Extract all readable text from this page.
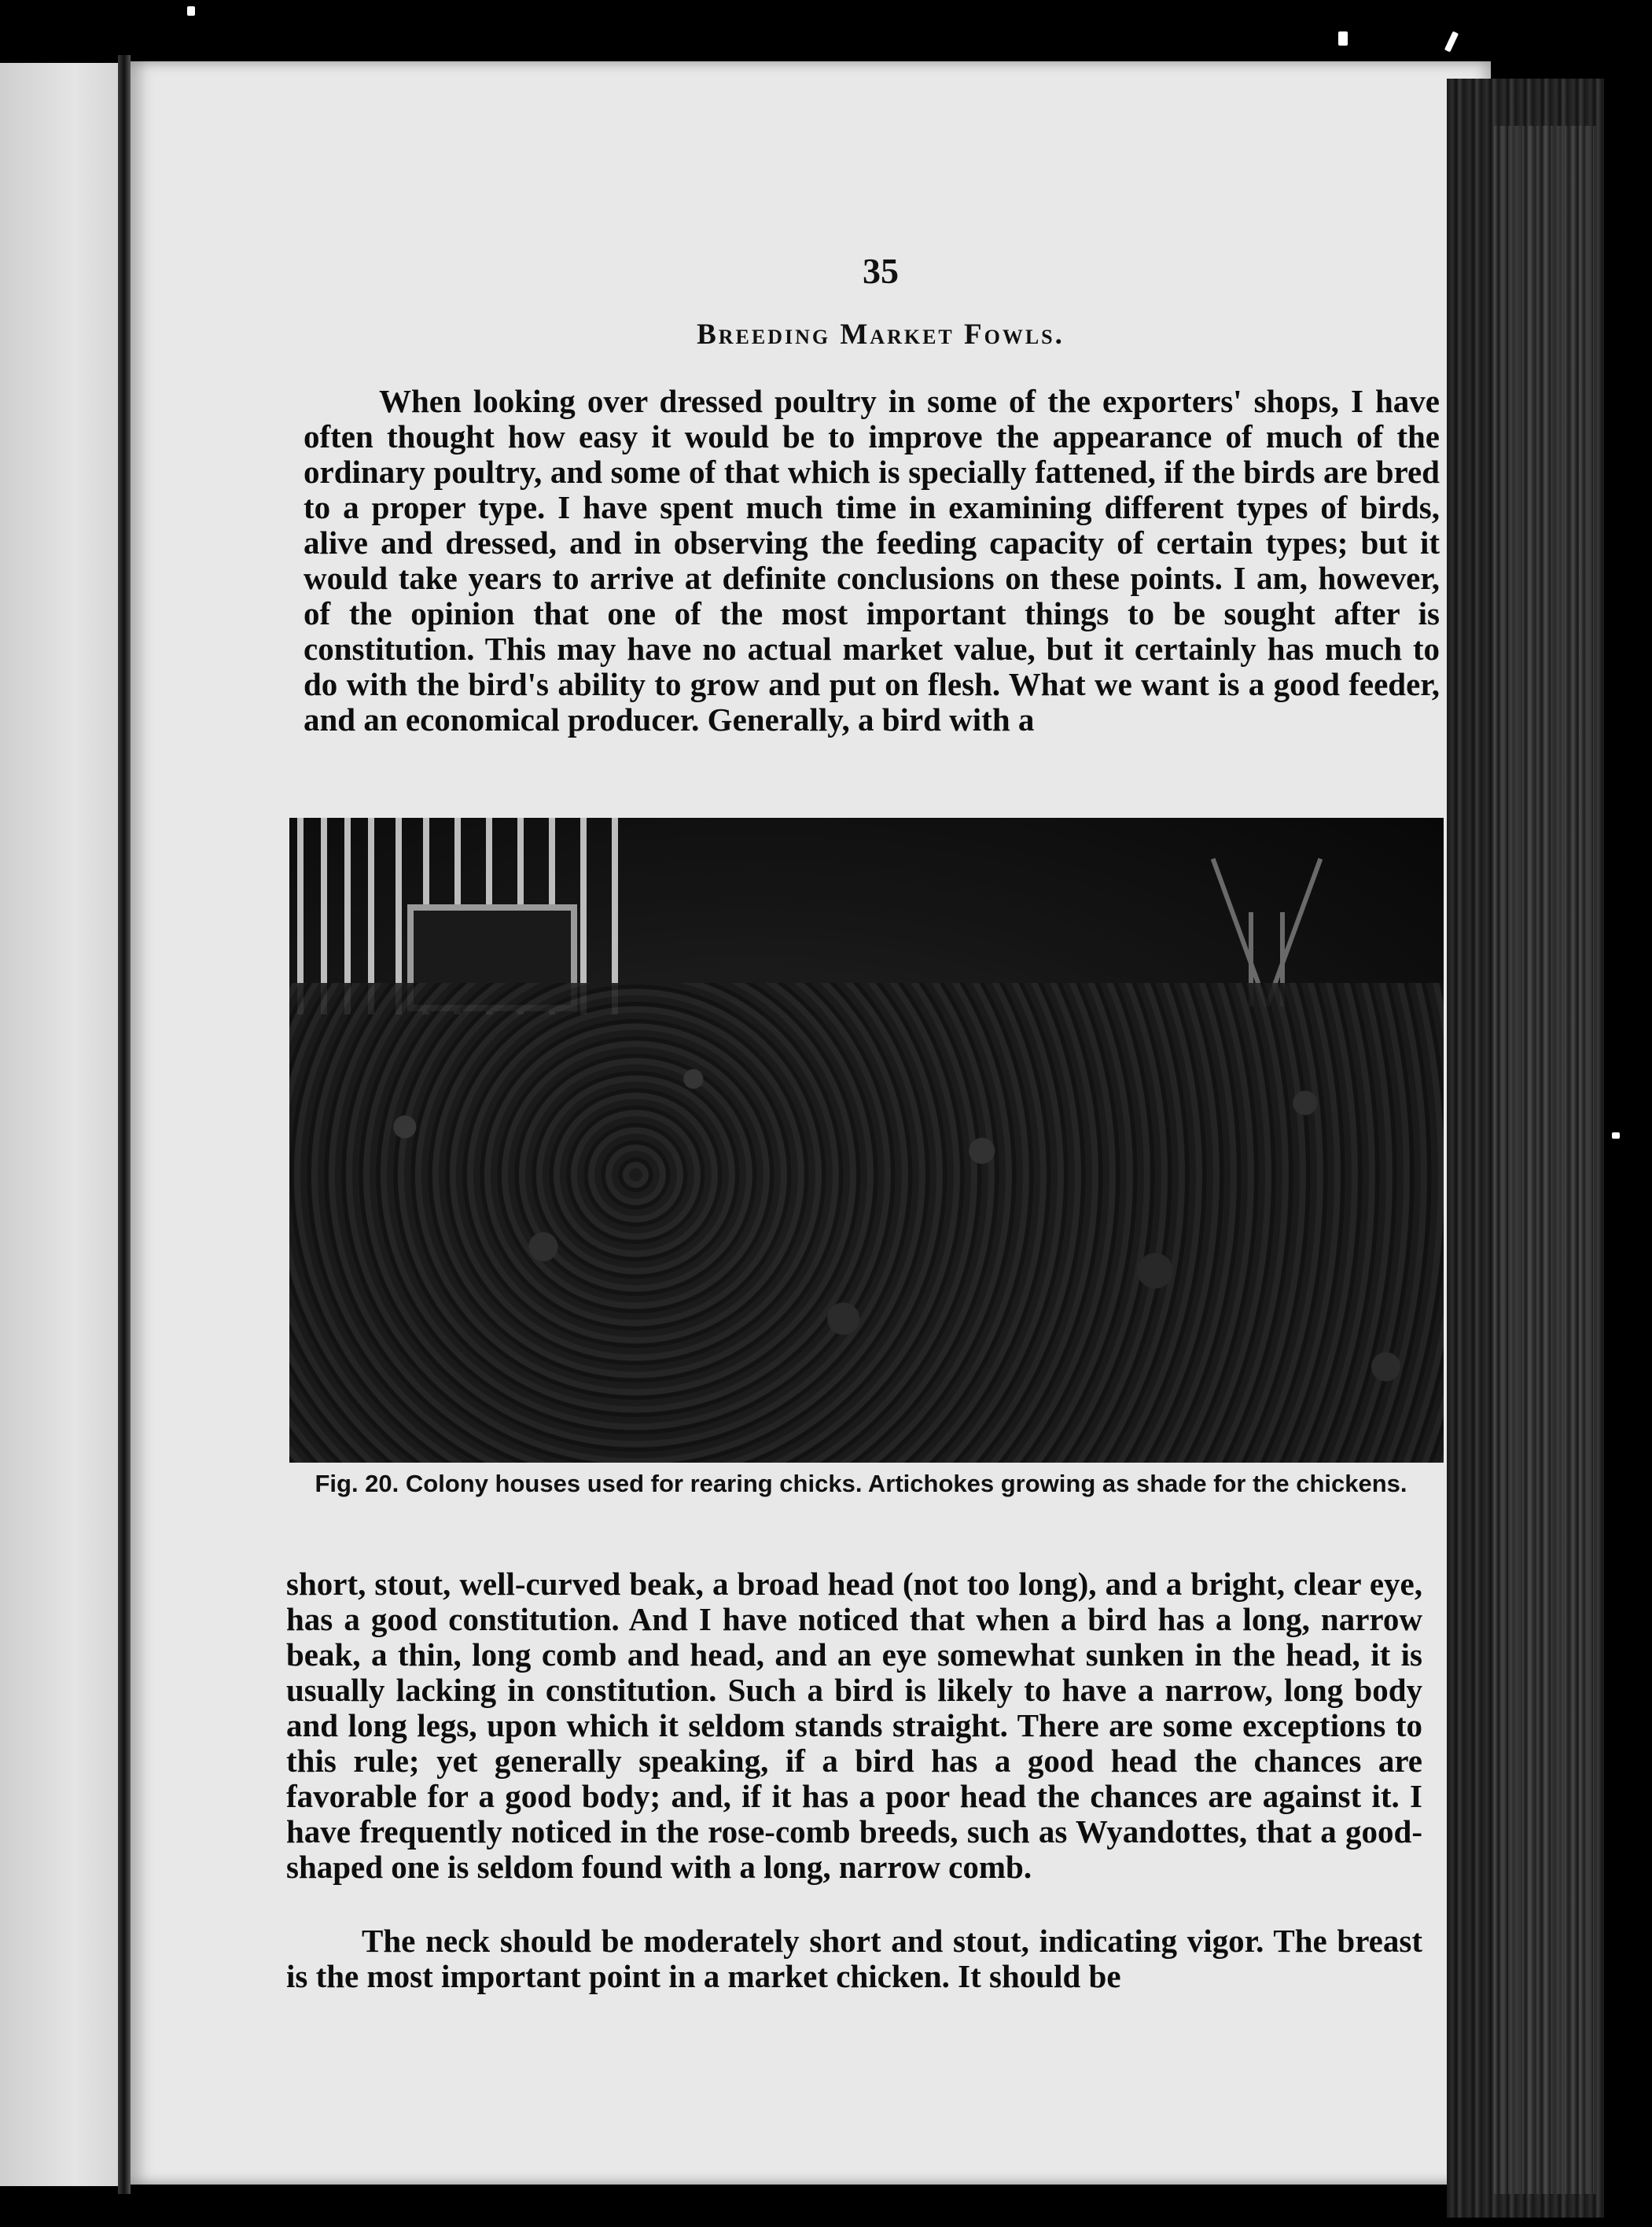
35
Breeding Market Fowls.

When looking over dressed poultry in some of the exporters' shops, I have often thought how easy it would be to improve the appearance of much of the ordinary poultry, and some of that which is specially fattened, if the birds are bred to a proper type. I have spent much time in examining different types of birds, alive and dressed, and in observing the feeding capacity of certain types; but it would take years to arrive at definite conclusions on these points. I am, however, of the opinion that one of the most important things to be sought after is constitution. This may have no actual market value, but it certainly has much to do with the bird's ability to grow and put on flesh. What we want is a good feeder, and an economical producer. Generally, a bird with a

Fig. 20. Colony houses used for rearing chicks. Artichokes growing as shade for the chickens.

short, stout, well-curved beak, a broad head (not too long), and a bright, clear eye, has a good constitution. And I have noticed that when a bird has a long, narrow beak, a thin, long comb and head, and an eye somewhat sunken in the head, it is usually lacking in constitution. Such a bird is likely to have a narrow, long body and long legs, upon which it seldom stands straight. There are some exceptions to this rule; yet generally speaking, if a bird has a good head the chances are favorable for a good body; and, if it has a poor head the chances are against it. I have frequently noticed in the rose-comb breeds, such as Wyandottes, that a good-shaped one is seldom found with a long, narrow comb.

The neck should be moderately short and stout, indicating vigor. The breast is the most important point in a market chicken. It should be
